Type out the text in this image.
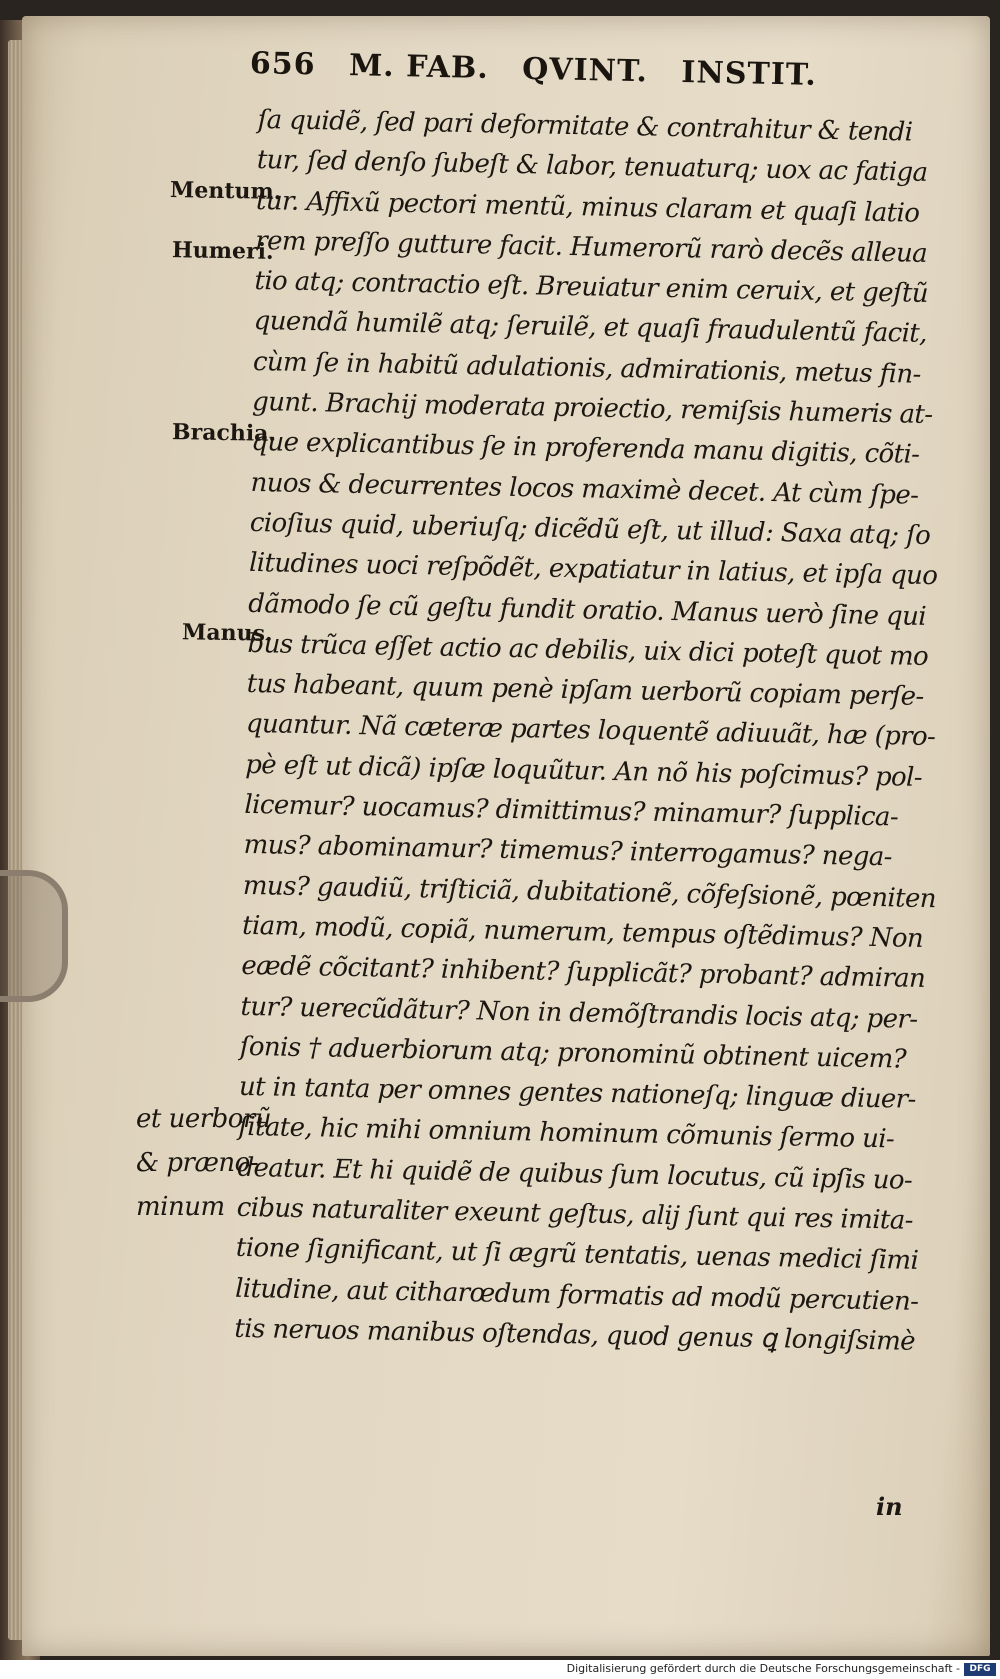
656 M. FAB. QVINT. INSTIT.
Mentum.
Humeri.
Brachia.
Manus.
et uerborũ
& præno-
minum
ſa quidẽ, ſed pari deformitate & contrahitur & tendi
tur, ſed denſo ſubeſt & labor, tenuaturq; uox ac fatiga
tur. Affixũ pectori mentũ, minus claram et quaſi latio
rem preſſo gutture facit. Humerorũ rarò decẽs alleua
tio atq; contractio eſt. Breuiatur enim ceruix, et geſtũ
quendã humilẽ atq; ſeruilẽ, et quaſi fraudulentũ facit,
cùm ſe in habitũ adulationis, admirationis, metus fin-
gunt. Brachij moderata proiectio, remiſsis humeris at-
que explicantibus ſe in proferenda manu digitis, cõti-
nuos & decurrentes locos maximè decet. At cùm ſpe-
cioſius quid, uberiuſq; dicẽdũ eſt, ut illud: Saxa atq; ſo
litudines uoci reſpõdẽt, expatiatur in latius, et ipſa quo
dãmodo ſe cũ geſtu fundit oratio. Manus uerò ſine qui
bus trũca eſſet actio ac debilis, uix dici poteſt quot mo
tus habeant, quum penè ipſam uerborũ copiam perſe-
quantur. Nã cæteræ partes loquentẽ adiuuãt, hæ (pro-
pè eſt ut dicã) ipſæ loquũtur. An nõ his poſcimus? pol-
licemur? uocamus? dimittimus? minamur? ſupplica-
mus? abominamur? timemus? interrogamus? nega-
mus? gaudiũ, triſticiã, dubitationẽ, cõfeſsionẽ, pœniten
tiam, modũ, copiã, numerum, tempus oſtẽdimus? Non
eædẽ cõcitant? inhibent? ſupplicãt? probant? admiran
tur? uerecũdãtur? Non in demõſtrandis locis atq; per-
ſonis † aduerbiorum atq; pronominũ obtinent uicem?
ut in tanta per omnes gentes nationeſq; linguæ diuer-
ſitate, hic mihi omnium hominum cõmunis ſermo ui-
deatur. Et hi quidẽ de quibus ſum locutus, cũ ipſis uo-
cibus naturaliter exeunt geſtus, alij ſunt qui res imita-
tione ſignificant, ut ſi ægrũ tentatis, uenas medici ſimi
litudine, aut citharœdum formatis ad modũ percutien-
tis neruos manibus oſtendas, quod genus ꝗ longiſsimè
in
Digitalisierung gefördert durch die Deutsche Forschungsgemeinschaft -	DFG
